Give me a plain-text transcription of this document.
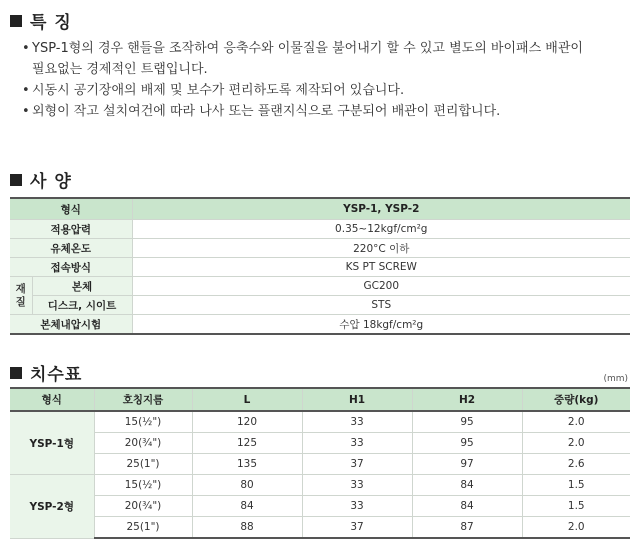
특 징
• YSP-1형의 경우 핸들을 조작하여 응축수와 이물질을 불어내기 할 수 있고 별도의 바이패스 배관이
필요없는 경제적인 트랩입니다.
• 시동시 공기장애의 배제 및 보수가 편리하도록 제작되어 있습니다.
• 외형이 작고 설치여건에 따라 나사 또는 플랜지식으로 구분되어 배관이 편리합니다.
사 양
형식		YSP-1, YSP-2
적용압력		0.35~12kgf/cm²g
유체온도		220°C 이하
접속방식		KS PT SCREW
재
질	본체	GC200
	디스크, 시이트	STS
본체내압시험		수압 18kgf/cm²g
치수표	(mm)
형식	호칭지름	L	H1	H2	중량(kg)
YSP-1형	15(½")	120	33	95	2.0
	20(¾")	125	33	95	2.0
	25(1")	135	37	97	2.6
YSP-2형	15(½")	80	33	84	1.5
	20(¾")	84	33	84	1.5
	25(1")	88	37	87	2.0
